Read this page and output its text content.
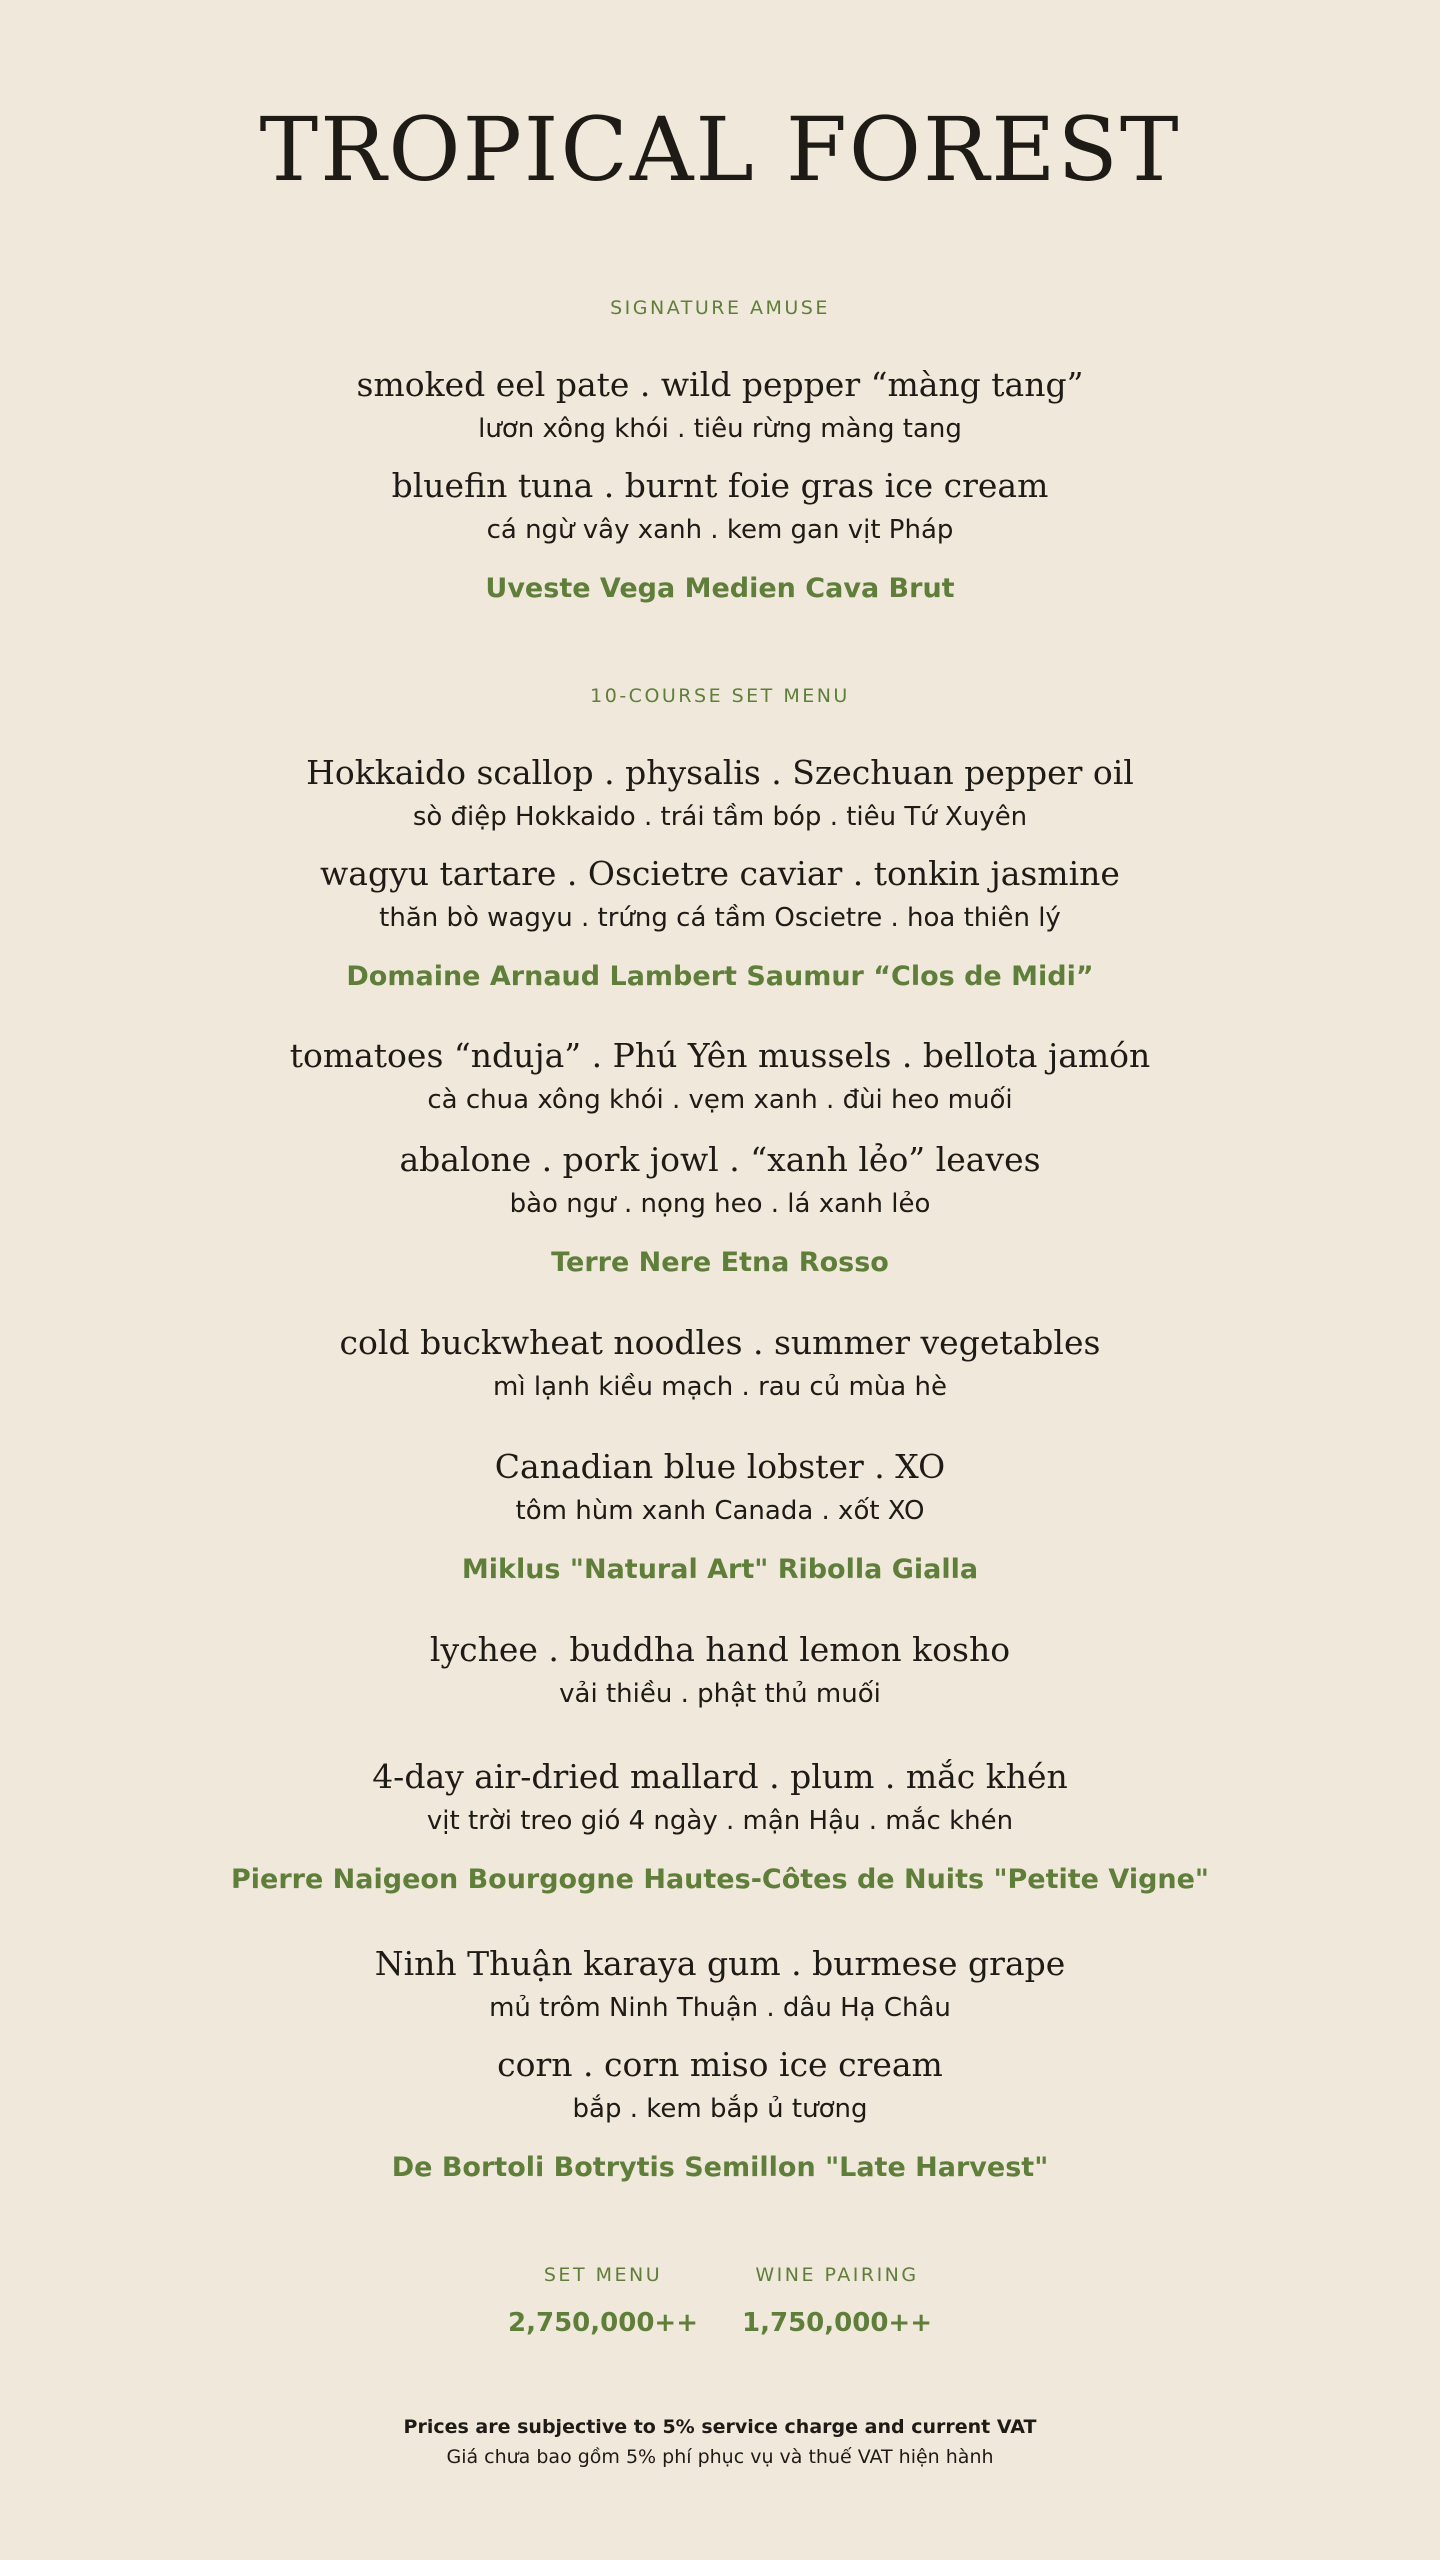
TROPICAL FOREST
SIGNATURE AMUSE
smoked eel pate . wild pepper “màng tang”
lươn xông khói . tiêu rừng màng tang
bluefin tuna . burnt foie gras ice cream
cá ngừ vây xanh . kem gan vịt Pháp
Uveste Vega Medien Cava Brut
10-COURSE SET MENU
Hokkaido scallop . physalis . Szechuan pepper oil
sò điệp Hokkaido . trái tầm bóp . tiêu Tứ Xuyên
wagyu tartare . Oscietre caviar . tonkin jasmine
thăn bò wagyu . trứng cá tầm Oscietre . hoa thiên lý
Domaine Arnaud Lambert Saumur “Clos de Midi”
tomatoes “nduja” . Phú Yên mussels . bellota jamón
cà chua xông khói . vẹm xanh . đùi heo muối
abalone . pork jowl . “xanh lẻo” leaves
bào ngư . nọng heo . lá xanh lẻo
Terre Nere Etna Rosso
cold buckwheat noodles . summer vegetables
mì lạnh kiều mạch . rau củ mùa hè
Canadian blue lobster . XO
tôm hùm xanh Canada . xốt XO
Miklus "Natural Art" Ribolla Gialla
lychee . buddha hand lemon kosho
vải thiều . phật thủ muối
4-day air-dried mallard . plum . mắc khén
vịt trời treo gió 4 ngày . mận Hậu . mắc khén
Pierre Naigeon Bourgogne Hautes-Côtes de Nuits "Petite Vigne"
Ninh Thuận karaya gum . burmese grape
mủ trôm Ninh Thuận . dâu Hạ Châu
corn . corn miso ice cream
bắp . kem bắp ủ tương
De Bortoli Botrytis Semillon "Late Harvest"
SET MENU
2,750,000++
WINE PAIRING
1,750,000++
Prices are subjective to 5% service charge and current VAT
Giá chưa bao gồm 5% phí phục vụ và thuế VAT hiện hành
